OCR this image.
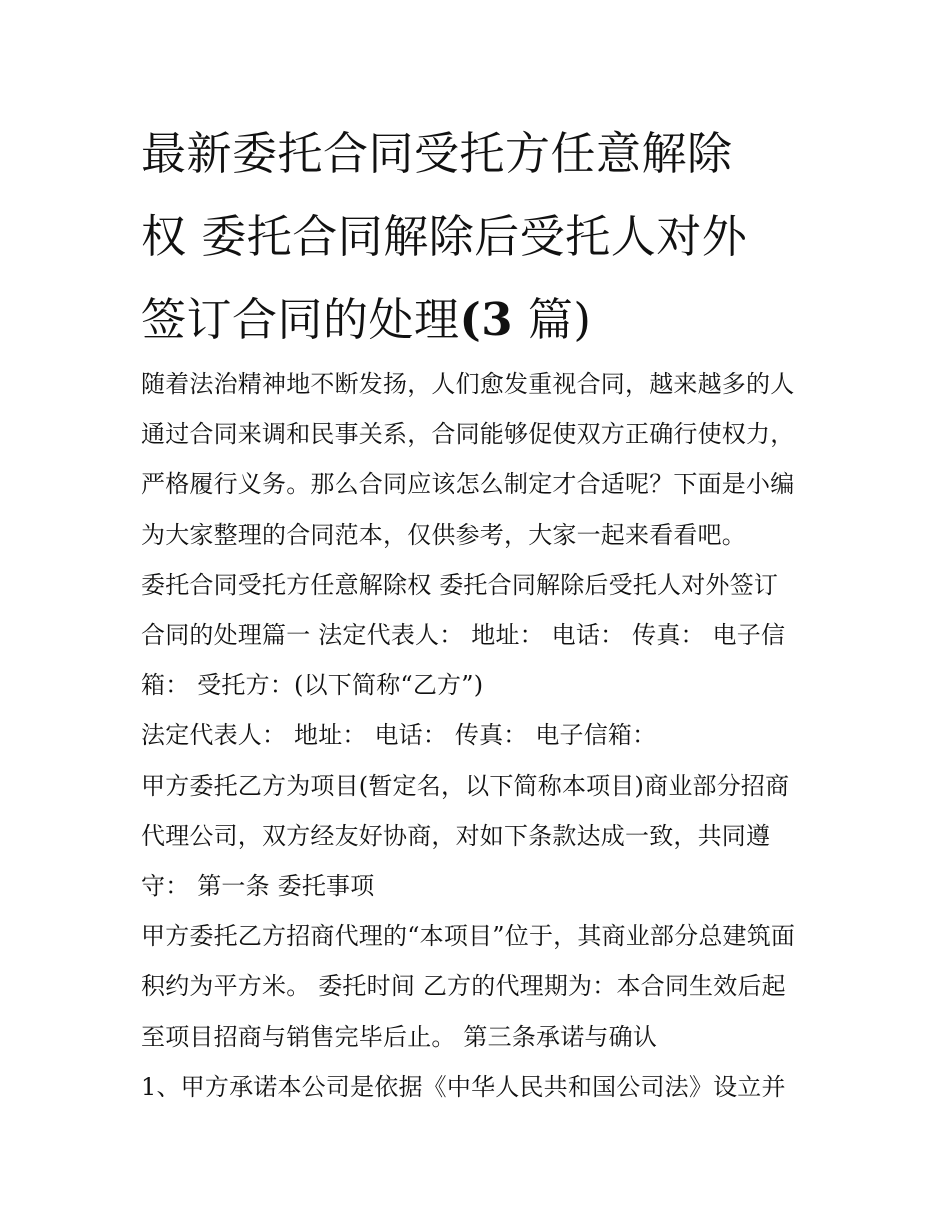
最新委托合同受托方任意解除
权 委托合同解除后受托人对外
签订合同的处理(3 篇)

随着法治精神地不断发扬，人们愈发重视合同，越来越多的人
通过合同来调和民事关系，合同能够促使双方正确行使权力，
严格履行义务。那么合同应该怎么制定才合适呢？下面是小编
为大家整理的合同范本，仅供参考，大家一起来看看吧。

委托合同受托方任意解除权 委托合同解除后受托人对外签订
合同的处理篇一 法定代表人： 地址： 电话： 传真： 电子信
箱： 受托方：(以下简称“乙方”)

法定代表人： 地址： 电话： 传真： 电子信箱：

甲方委托乙方为项目(暂定名，以下简称本项目)商业部分招商
代理公司，双方经友好协商，对如下条款达成一致，共同遵
守： 第一条 委托事项

甲方委托乙方招商代理的“本项目”位于，其商业部分总建筑面
积约为平方米。 委托时间 乙方的代理期为：本合同生效后起
至项目招商与销售完毕后止。 第三条承诺与确认

1、甲方承诺本公司是依据《中华人民共和国公司法》设立并
